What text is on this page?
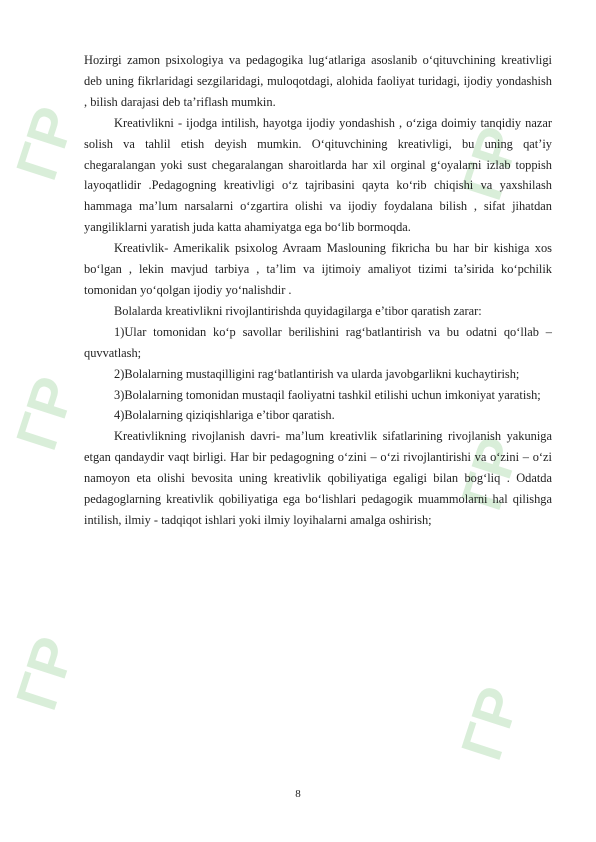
ГР
ГР
ГР
ГР
ГР
ГР

Hozirgi zamon psixologiya va pedagogika lug‘atlariga asoslanib o‘qituvchining kreativligi deb uning fikrlaridagi sezgilaridagi, muloqotdagi, alohida faoliyat turidagi, ijodiy yondashish , bilish darajasi deb ta’riflash mumkin.

Kreativlikni - ijodga intilish, hayotga ijodiy yondashish , o‘ziga doimiy tanqidiy nazar solish va tahlil etish deyish mumkin. O‘qituvchining kreativligi, bu uning qat’iy chegaralangan yoki sust chegaralangan sharoitlarda har xil orginal g‘oyalarni izlab toppish layoqatlidir .Pedagogning kreativligi o‘z tajribasini qayta ko‘rib chiqishi va yaxshilash hammaga ma’lum narsalarni o‘zgartira olishi va ijodiy foydalana bilish , sifat jihatdan yangiliklarni yaratish juda katta ahamiyatga ega bo‘lib bormoqda.

Kreativlik- Amerikalik psixolog Avraam Maslouning fikricha bu har bir kishiga xos bo‘lgan , lekin mavjud tarbiya , ta’lim va ijtimoiy amaliyot tizimi ta’sirida ko‘pchilik tomonidan yo‘qolgan ijodiy yo‘nalishdir .

Bolalarda kreativlikni rivojlantirishda quyidagilarga e’tibor qaratish zarar:

1)Ular tomonidan ko‘p savollar berilishini rag‘batlantirish va bu odatni qo‘llab – quvvatlash;

2)Bolalarning mustaqilligini rag‘batlantirish va ularda javobgarlikni kuchaytirish;

3)Bolalarning tomonidan mustaqil faoliyatni tashkil etilishi uchun imkoniyat yaratish;

4)Bolalarning qiziqishlariga e’tibor qaratish.

Kreativlikning rivojlanish davri- ma’lum kreativlik sifatlarining rivojlanish yakuniga etgan qandaydir vaqt birligi. Har bir pedagogning o‘zini – o‘zi rivojlantirishi va o‘zini – o‘zi namoyon eta olishi bevosita uning kreativlik qobiliyatiga egaligi bilan bog‘liq . Odatda pedagoglarning kreativlik qobiliyatiga ega bo‘lishlari pedagogik muammolarni hal qilishga intilish, ilmiy - tadqiqot ishlari yoki ilmiy loyihalarni amalga oshirish;

8
